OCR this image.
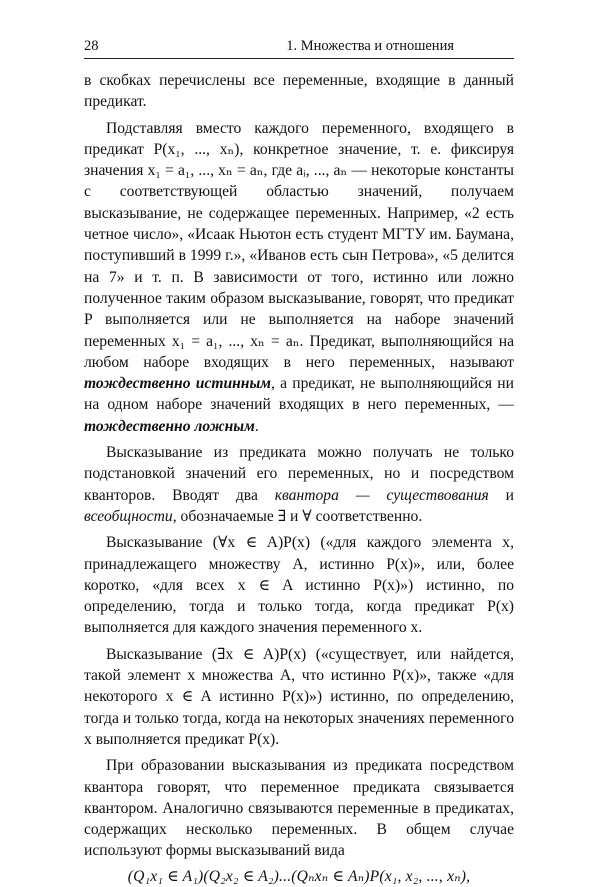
28	1. Множества и отношения

в скобках перечислены все переменные, входящие в данный предикат.

Подставляя вместо каждого переменного, входящего в предикат P(x₁, ..., xₙ), конкретное значение, т. е. фиксируя значения x₁ = a₁, ..., xₙ = aₙ, где aᵢ, ..., aₙ — некоторые константы с соответствующей областью значений, получаем высказывание, не содержащее переменных. Например, «2 есть четное число», «Исаак Ньютон есть студент МГТУ им. Баумана, поступивший в 1999 г.», «Иванов есть сын Петрова», «5 делится на 7» и т. п. В зависимости от того, истинно или ложно полученное таким образом высказывание, говорят, что предикат P выполняется или не выполняется на наборе значений переменных x₁ = a₁, ..., xₙ = aₙ. Предикат, выполняющийся на любом наборе входящих в него переменных, называют тождественно истинным, а предикат, не выполняющийся ни на одном наборе значений входящих в него переменных, — тождественно ложным.

Высказывание из предиката можно получать не только подстановкой значений его переменных, но и посредством кванторов. Вводят два квантора — существования и всеобщности, обозначаемые ∃ и ∀ соответственно.

Высказывание (∀x ∈ A)P(x) («для каждого элемента x, принадлежащего множеству A, истинно P(x)», или, более коротко, «для всех x ∈ A истинно P(x)») истинно, по определению, тогда и только тогда, когда предикат P(x) выполняется для каждого значения переменного x.

Высказывание (∃x ∈ A)P(x) («существует, или найдется, такой элемент x множества A, что истинно P(x)», также «для некоторого x ∈ A истинно P(x)») истинно, по определению, тогда и только тогда, когда на некоторых значениях переменного x выполняется предикат P(x).

При образовании высказывания из предиката посредством квантора говорят, что переменное предиката связывается квантором. Аналогично связываются переменные в предикатах, содержащих несколько переменных. В общем случае используют формы высказываний вида

(Q₁x₁ ∈ A₁)(Q₂x₂ ∈ A₂)...(Qₙxₙ ∈ Aₙ)P(x₁, x₂, ..., xₙ),
